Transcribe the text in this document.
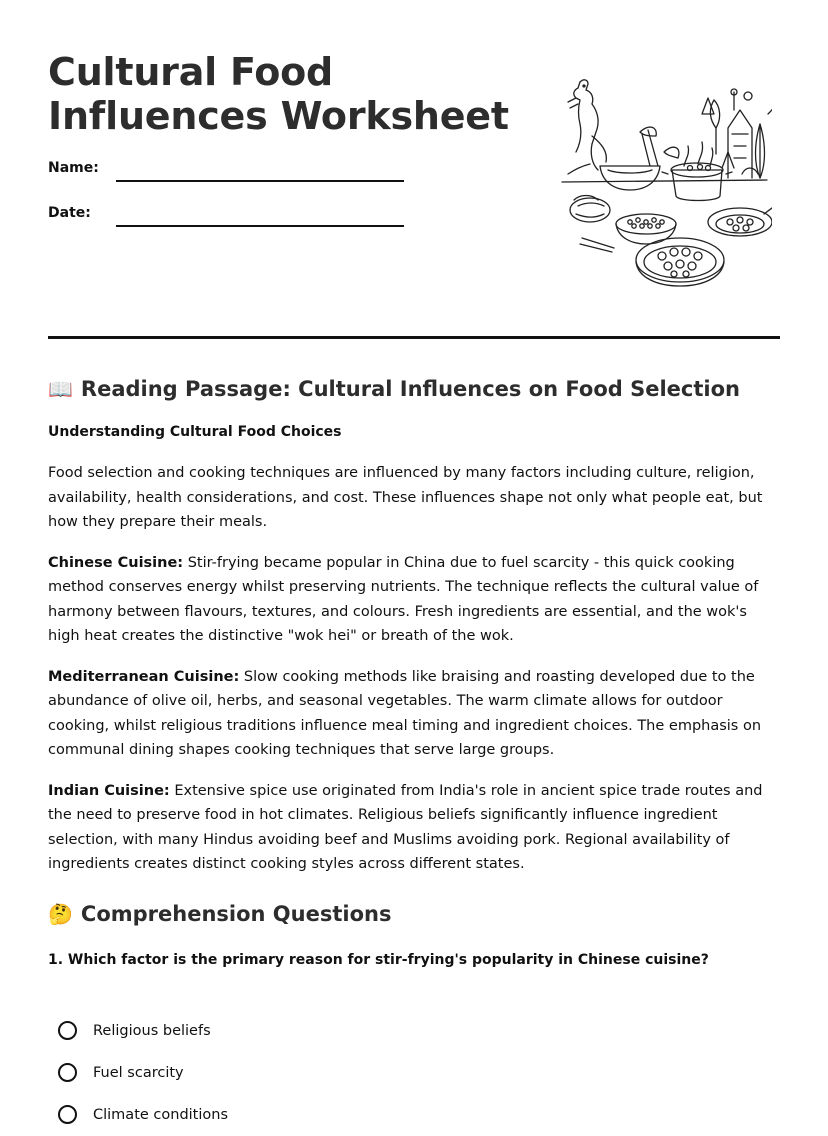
Cultural Food Influences Worksheet
Name:
Date:
📖 Reading Passage: Cultural Influences on Food Selection
Understanding Cultural Food Choices

Food selection and cooking techniques are influenced by many factors including culture, religion, availability, health considerations, and cost. These influences shape not only what people eat, but how they prepare their meals.

Chinese Cuisine: Stir-frying became popular in China due to fuel scarcity - this quick cooking method conserves energy whilst preserving nutrients. The technique reflects the cultural value of harmony between flavours, textures, and colours. Fresh ingredients are essential, and the wok's high heat creates the distinctive "wok hei" or breath of the wok.

Mediterranean Cuisine: Slow cooking methods like braising and roasting developed due to the abundance of olive oil, herbs, and seasonal vegetables. The warm climate allows for outdoor cooking, whilst religious traditions influence meal timing and ingredient choices. The emphasis on communal dining shapes cooking techniques that serve large groups.

Indian Cuisine: Extensive spice use originated from India's role in ancient spice trade routes and the need to preserve food in hot climates. Religious beliefs significantly influence ingredient selection, with many Hindus avoiding beef and Muslims avoiding pork. Regional availability of ingredients creates distinct cooking styles across different states.

🤔 Comprehension Questions
1. Which factor is the primary reason for stir-frying's popularity in Chinese cuisine?
Religious beliefs
Fuel scarcity
Climate conditions
